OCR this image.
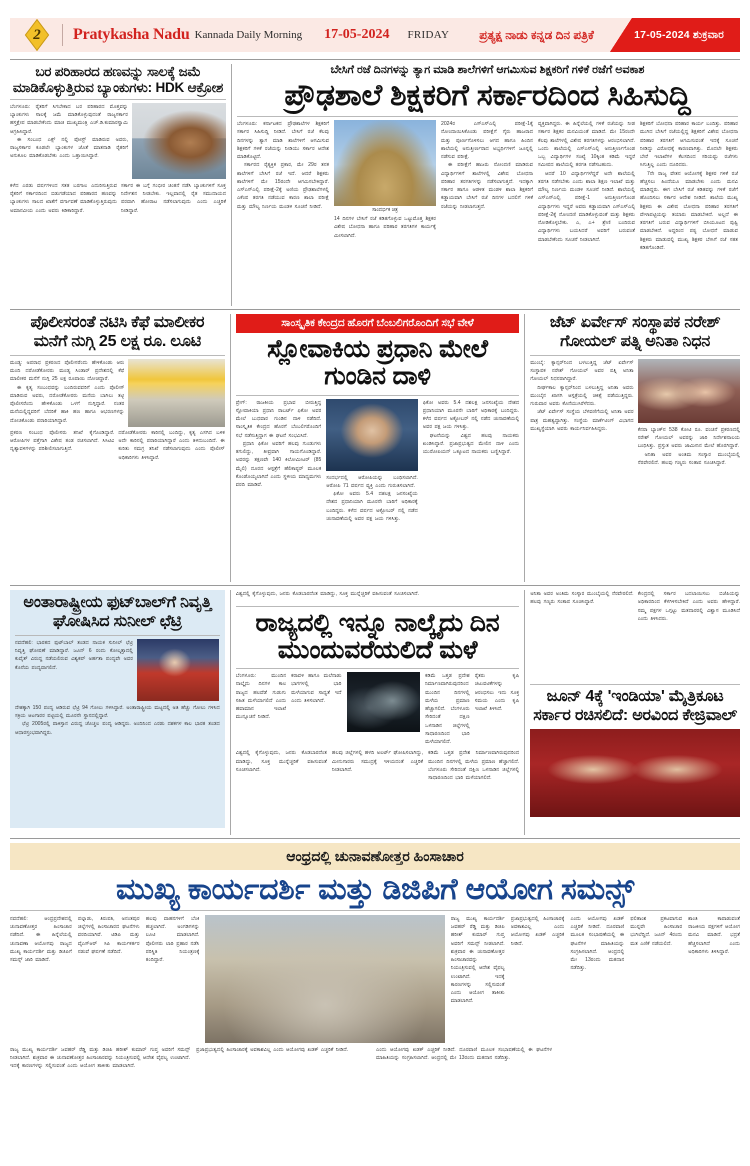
2 Pratykasha Nadu Kannada Daily Morning 17-05-2024 FRIDAY	ಪ್ರತ್ಯಕ್ಷ ನಾಡು ಕನ್ನಡ ದಿನ ಪತ್ರಿಕೆ	17-05-2024 ಶುಕ್ರವಾರ
ಬರ ಪರಿಹಾರದ ಹಣವನ್ನು ಸಾಲಕ್ಕೆ ಜಮೆ ಮಾಡಿಕೊಳ್ಳುತ್ತಿರುವ ಬ್ಯಾಂಕುಗಳು: HDK ಆಕ್ರೋಶ
ಬೆಂಗಳೂರು: ರೈತರಿಗೆ ಸಿಗಬೇಕಾದ ಬರ ಪರಿಹಾರದ ಮೊತ್ತವನ್ನು ಬ್ಯಾಂಕುಗಳು ಸಾಲಕ್ಕೆ ಜಮೆ ಮಾಡಿಕೊಳ್ಳುವುದಂತೆ ರಾಜ್ಯಸರ್ಕಾರ ಹಸ್ತಕ್ಷೇಪ ಮಾಡಬೇಕೆಂದು ಮಾಜಿ ಮುಖ್ಯಮಂತ್ರಿ ಎಚ್.ಡಿ.ಕುಮಾರಸ್ವಾಮಿ ಆಗ್ರಹಿಸಿದ್ದಾರೆ.
ಈ ಸಂಬಂಧ ಎಕ್ಸ್ ನಲ್ಲಿ ಪೋಸ್ಟ್ ಮಾಡಿರುವ ಅವರು, ರಾಜ್ಯಸರ್ಕಾರ ಕೂಡಲೇ ಬ್ಯಾಂಕುಗಳ ಜೊತೆ ಮಾತನಾಡಿ ರೈತರಿಗೆ ಅನುಕೂಲ ಮಾಡಿಕೊಡಬೇಕು ಎಂದು ಒತ್ತಾಯಿಸಿದ್ದಾರೆ.
ಕಳೆದ ಎರಡು ವರ್ಷಗಳಿಂದ ಸತತ ಬರಗಾಲ ಎದುರಿಸುತ್ತಿರುವ ರೈತರಿಗೆ ಸರ್ಕಾರದಿಂದ ಬಿಡುಗಡೆಯಾದ ಪರಿಹಾರದ ಹಣವನ್ನು ಬ್ಯಾಂಕುಗಳು ಸಾಲದ ಖಾತೆಗೆ ವರ್ಗಾವಣೆ ಮಾಡಿಕೊಳ್ಳುತ್ತಿರುವುದು ಅಮಾನವೀಯ ಎಂದು ಅವರು ಕಿಡಿಕಾರಿದ್ದಾರೆ.
ಸರ್ಕಾರ ಈ ಬಗ್ಗೆ ಗಂಭೀರ ಚಿಂತನೆ ನಡೆಸಿ ಬ್ಯಾಂಕುಗಳಿಗೆ ಸೂಕ್ತ ನಿರ್ದೇಶನ ನೀಡಬೇಕು. ಇಲ್ಲವಾದಲ್ಲಿ ರೈತ ಸಮುದಾಯದ ಪರವಾಗಿ ಹೋರಾಟ ನಡೆಸಲಾಗುವುದು ಎಂದು ಎಚ್ಚರಿಕೆ ನೀಡಿದ್ದಾರೆ.
ಬೇಸಿಗೆ ರಜೆ ದಿನಗಳನ್ನು ತ್ಯಾಗ ಮಾಡಿ ಶಾಲೆಗಳಿಗೆ ಆಗಮಿಸುವ ಶಿಕ್ಷಕರಿಗೆ ಗಳಿಕೆ ರಜೆಗೆ ಅವಕಾಶ
ಪ್ರೌಢಶಾಲೆ ಶಿಕ್ಷಕರಿಗೆ ಸರ್ಕಾರದಿಂದ ಸಿಹಿಸುದ್ದಿ
ಬೆಂಗಳೂರು: ಕರ್ನಾಟಕದ ಪ್ರೌಢಶಾಲೆಗಳ ಶಿಕ್ಷಕರಿಗೆ ಸರ್ಕಾರ ಸಿಹಿಸುದ್ದಿ ನೀಡಿದೆ. ಬೇಸಿಗೆ ರಜೆ ಕೆಲವು ದಿನಗಳನ್ನು ತ್ಯಾಗ ಮಾಡಿ ಶಾಲೆಗಳಿಗೆ ಆಗಮಿಸುವ ಶಿಕ್ಷಕರಿಗೆ ಗಳಿಕೆ ರಜೆಯನ್ನು ನೀಡಿಯು ಸರ್ಕಾರ ಆದೇಶ ಮಾಡಿಕೊಟ್ಟಿದೆ.
ಸರ್ಕಾರದ ರೈತ್ಯಕ್ತಿಕ ಪ್ರಕಾರ, ಮೇ 29ರ ತನಕ ಶಾಲೆಗಳಿಗೆ ಬೇಸಿಗೆ ರಜೆ ಇದೆ. ಆದರೆ ಶಿಕ್ಷಕರು ಶಾಲೆಗಳಿಗೆ ಮೇ 15ರಂದೇ ಆಗಮಿಸಬೇಕಿದ್ದಾರೆ. ಎಸ್ಎಸ್ಎಲ್ಸಿ ಪರೀಕ್ಷೆ-2ಕ್ಕೆ ಅಣಿಯ ಪ್ರೌಢಶಾಲೆಗಳಲ್ಲಿ ಎಕೆಂಪ ತರಗತಿ ನಡೆಯುವ ಕಾರಣ ಶಾಲಾ ಪರೀಕ್ಷೆ ಮತ್ತು ಮೌಲ್ಯ ನಿರ್ಣಯ ಮಂಡಳಿ ಸೂಚನೆ ನೀಡಿದೆ.
ಸಾಂದರ್ಭಿಕ ಚಿತ್ರ
14 ದಿನಗಳ ಬೇಸಿಗೆ ರಜೆ ಕಡಿತಗೊಳ್ಳುವ ಒಟ್ಟುಮೊತ್ತ ಶಿಕ್ಷಕರ ವಿಶೇಷ ಬೋಧನಾ ಹಾಗೂ ಪರಿಹಾರ ತರಗತಿಗಳ ಕಾರ್ಯಕ್ಕೆ ಮೀಸಲಾಗಿದೆ.
2024ರ ಎಸ್ಎಸ್ಎಲ್ಸಿ ಪರೀಕ್ಷೆ-1ಕ್ಕೆ ನೋಂದಾಯಿಸಿಕೊಂಡು ಪರೀಕ್ಷೆಗೆ ಗೈರು ಹಾಜರಾದ ಮತ್ತು ಪೂರ್ಣಗೊಳಿಸಲು ಆಗದ ಹಾಗೂ ಹಿಂದಿನ ಶಾಲೆಯಲ್ಲಿ ಅನುತ್ತೀರ್ಣರಾದ ಅಭ್ಯರ್ಥಿಗಳಿಗೆ ಜೂನ್ನಲ್ಲಿ ನಡೆಸುವ ಪರೀಕ್ಷೆ.
ಈ ಪರೀಕ್ಷೆಗೆ ಹಾಜರು ನೋಂದಣಿ ಮಾಡಿರುವ ವಿದ್ಯಾರ್ಥಿಗಳಿಗೆ ಶಾಲೆಗಳಲ್ಲಿ ವಿಶೇಷ ಬೋಧನಾ ಪರಿಹಾರ ತರಗತಿಗಳನ್ನು ನಡೆಸಲಾಗುತ್ತದೆ. ಇದಕ್ಕಾಗಿ ಸರ್ಕಾರ ಹಾಗೂ ಆಡಳಿತ ಮಂಡಳಿ ಶಾಲಾ ಶಿಕ್ಷಕರಿಗೆ ಕಡ್ಡಾಯವಾಗಿ ಬೇಸಿಗೆ ರಜೆ ದಿನಗಳ ಬದಲಿಗೆ ಗಳಿಕೆ ರಜೆಯನ್ನು ನೀಡಲಾಗುತ್ತದೆ.
ವ್ಯಕ್ತವಾಗಿದ್ದರು. ಈ ಹಿನ್ನೆಲೆಯಲ್ಲಿ ಗಳಿಕೆ ರಜೆಯನ್ನು ನೀಡ ಸರ್ಕಾರ ಶಿಕ್ಷಕರ ಮನವಿಯಂತೆ ಮಾಡಿದೆ. ಮೇ 15ರಂದೇ ಕೆಲವು ಶಾಲೆಗಳಲ್ಲಿ ವಿಶೇಷ ತರಗತಿಗಳನ್ನು ಆರಂಭಿಸಲಾಗಿದೆ. ಒಂದು ಶಾಲೆಯಲ್ಲಿ ಎಸ್ಎಸ್ಎಲ್ಸಿ ಅನುತ್ತೀರ್ಣಗೊಂಡ ಒಬ್ಬ ವಿದ್ಯಾರ್ಥಿಗಳ ಸಂಖ್ಯೆ 10ಕ್ಕಿಂತ ಕಡಿಮೆ ಇದ್ದರೆ ಸಮೀಪದ ಶಾಲೆಯಲ್ಲಿ ತರಗತಿ ನಡೆಸಬಹುದು.
ಆದರೆ 10 ವಿದ್ಯಾರ್ಥಿಗಳೆದ್ದರೆ ಅದೇ ಶಾಲೆಯಲ್ಲಿ ತರಗತಿ ನಡೆಸಬೇಕು ಎಂದು ಶಾಲಾ ಶಿಕ್ಷಣ ಇಲಾಖೆ ಮತ್ತು ಮೌಲ್ಯ ನಿರ್ಣಯ ಮಂಡಳಿ ಸೂಚನೆ ನೀಡಿದೆ. ಶಾಲೆಯಲ್ಲಿ ಎಸ್ಎಸ್ಎಲ್ಸಿ ಪರೀಕ್ಷೆ-1 ಅನುತ್ತೀರ್ಣಗೊಂಡ ವಿದ್ಯಾರ್ಥಿಗಳು ಇದ್ದರೆ ಅವರು ಕಡ್ಡಾಯವಾಗಿ ಎಸ್ಎಸ್ಎಲ್ಸಿ ಪರೀಕ್ಷೆ-2ಕ್ಕೆ ನೋಂದಣಿ ಮಾಡಿಕೊಳ್ಳುವಂತೆ ಮತ್ತು ಶಿಕ್ಷಕರು ನೋಡಿಕೊಳ್ಳಬೇಕು. ಎ, ಎ+ ಶ್ರೇಣಿ ಬಂದಿರುವ ವಿದ್ಯಾರ್ಥಿಗಳು ಬಯಸಿದರೆ ಅವರಿಗೆ ಬರುವಂತೆ ಮಾಡಬೇಕೆಂದು ಸೂಚನೆ ನೀಡಲಾಗಿದೆ.
ಶಿಕ್ಷಕರಿಗೆ ಬೋಧನಾ ಪರಿಹಾರ ಕಾರ್ಯ ಬಂದಿತ್ತು. ಪರಿಹಾರ ಮುಗಿದ ಬೇಸಿಗೆ ರಜೆಯಲ್ಲಿದ್ದ ಶಿಕ್ಷಕರಿಗೆ ವಿಶೇಷ ಬೋಧನಾ ಪರಿಹಾರ ತರಗತಿಗೆ ಆಗಮಿಸುವಂತೆ ಇದಕ್ಕೆ ಸೂಚನೆ ನೀಡಿದ್ದು ವಿರೋಧಕ್ಕೆ ಕಾರಣವಾಗಿತ್ತು. ಮೊದಲೇ ಶಿಕ್ಷಕರು ಬೇರೆ ಇಲಾಖೆಗಳ ಕೆಲಸದಿಂದ ಸರಿಯಷ್ಟು ರಜೆಗಳು ಸಿಗುತ್ತಿಲ್ಲ ಎಂದು ದೂರಿದರು.
7ನೇ ರಾಜ್ಯ ವೇತನ ಆಯೋಗಕ್ಕೆ ಶಿಕ್ಷಕರ ಗಳಿಕೆ ರಜೆ ಹೆಚ್ಚಿಸಲು ಹಿಂದೆಯೂ ಮಾಡಬೇಕು ಎಂದು ಮನವಿ ಮಾಡಿದ್ದರು. ಈಗ ಬೇಸಿಗೆ ರಜೆ ಕಡಿತವನ್ನು ಗಳಿಕೆ ರಜೆಗೆ ಹೊಂದಿಸಲು ಸರ್ಕಾರ ಆದೇಶ ನೀಡಿದೆ. ಶಾಲೆಯ ಮುಖ್ಯ ಶಿಕ್ಷಕರು ಈ ವಿಶೇಷ ಬೋಧನಾ ಪರಿಹಾರ ತರಗತಿಗೆ ವೇಳಾಪಟ್ಟಿಯನ್ನು ತಯಾರು ಮಾಡಬೇಕಿದೆ. ಅಲ್ಲದೆ ಈ ತರಗತಿಗೆ ಬರುವ ವಿದ್ಯಾರ್ಥಿಗಳಿಗೆ ಬಿಸಿಯೂಟದ ಪುಷ್ಟಿ ಮಾಡಬೇಕಿದೆ. ಅದ್ದರಿಂದ ಪಠ್ಯ ಬೋಧನೆ ಮಾಡುವ ಶಿಕ್ಷಕರು ಮಾಡುವಲ್ಲಿ ಮುಖ್ಯ ಶಿಕ್ಷಕರ ಬೇಸಿಗೆ ರಜೆ ಸತತ ಕಡಿತಗೊಂಡಿದೆ.
ಪೊಲೀಸರಂತೆ ನಟಿಸಿ ಕೆಫೆ ಮಾಲೀಕರ ಮನೆಗೆ ನುಗ್ಗಿ 25 ಲಕ್ಷ ರೂ. ಲೂಟಿ
ಮಂಡ್ಯ: ಅಪರಾಧ ಪ್ರಕರಣದ ಪೊಲೀಸರೆಂದು ಹೇಳಿಕೊಂಡು ಆರು ಮಂದಿ ದರೋಡೆಕೋರರು ಮಂಡ್ಯ ಸಿಂಡಾರ್ ಪ್ರದೇಶದಲ್ಲಿ ಕೆಫೆ ಮಾಲೀಕರ ಮನೆಗೆ ನುಗ್ಗಿ 25 ಲಕ್ಷ ರೂಪಾಯಿ ದೋಚಿದ್ದಾರೆ.
ಈ ಕೃತ್ಯ ಸಂಬಂಧವನ್ನು ಬಂದಿರುವವರಿಗೆ ಎಂದು ಪೊಲೀಸ್ ಮಾಡಿರುವ ಅವರು, ದರೋಡೆಕೋರರು ಮನೆಯ ಬಾಗಿಲು ತಟ್ಟಿ ಪೊಲೀಸರೆಂದು ಹೇಳಿಕೊಂಡು ಒಳಗೆ ನುಗ್ಗಿದ್ದಾರೆ. ನಂತರ ಮನೆಯಲ್ಲಿದ್ದವರಿಗೆ ಬೆದರಿಕೆ ಹಾಕಿ ಹಣ ಹಾಗೂ ಆಭರಣಗಳನ್ನು ದೋಚಿಕೊಂಡು ಪರಾರಿಯಾಗಿದ್ದಾರೆ.
ಪ್ರಕರಣ ಸಂಬಂಧ ಪೊಲೀಸರು ತನಿಖೆ ಕೈಗೊಂಡಿದ್ದಾರೆ. ಆರೋಪಿಗಳ ಪತ್ತೆಗಾಗಿ ವಿಶೇಷ ತಂಡ ರಚಿಸಲಾಗಿದೆ. ಸಿಸಿಟಿವಿ ದೃಶ್ಯಾವಳಿಗಳನ್ನು ಪರಿಶೀಲಿಸಲಾಗುತ್ತಿದೆ.
ದರೋಡೆಕೋರರು ಕಾರಿನಲ್ಲಿ ಬಂದಿದ್ದು, ಕೃತ್ಯ ಎಸಗಿದ ಬಳಿಕ ಅದೇ ಕಾರಿನಲ್ಲಿ ಪರಾರಿಯಾಗಿದ್ದಾರೆ ಎಂದು ತಿಳಿದುಬಂದಿದೆ. ಈ ಕುರಿತು ಸಮಗ್ರ ತನಿಖೆ ನಡೆಸಲಾಗುವುದು ಎಂದು ಪೊಲೀಸ್ ಅಧಿಕಾರಿಗಳು ತಿಳಿಸಿದ್ದಾರೆ.
ಸಾಂಸ್ಕೃತಿಕ ಕೇಂದ್ರದ ಹೊರಗೆ ಬೆಂಬಲಿಗರೊಂದಿಗೆ ಸಭೆ ವೇಳೆ
ಸ್ಲೋವಾಕಿಯ ಪ್ರಧಾನಿ ಮೇಲೆ ಗುಂಡಿನ ದಾಳಿ
ಪ್ರೇಗ್: ರಾಜಕೀಯ ಪ್ರಭಾವ ಬೀರುತ್ತಿದ್ದ ಸ್ಲೋವಾಕಿಯಾ ಪ್ರಧಾನಿ ರಾಬರ್ಟ್ ಫಿಕೋ ಅವರ ಮೇಲೆ ಬುಧವಾರ ಗುಂಡಿನ ದಾಳಿ ನಡೆದಿದೆ. ಸಾಂಸ್ಕೃತಿಕ ಕೇಂದ್ರದ ಹೊರಗೆ ಬೆಂಬಲಿಗರೊಂದಿಗೆ ಸಭೆ ನಡೆಸುತ್ತಿದ್ದಾಗ ಈ ಘಟನೆ ಸಂಭವಿಸಿದೆ.
ಪ್ರಧಾನಿ ಫಿಕೋ ಅವರಿಗೆ ಹಲವು ಗುಂಡುಗಳು ತಗುಲಿದ್ದು, ತೀವ್ರವಾಗಿ ಗಾಯಗೊಂಡಿದ್ದಾರೆ. ಅವರನ್ನು ತಕ್ಷಣವೇ 140 ಕಿಲೋಮೀಟರ್ (85 ಮೈಲಿ) ದೂರದ ಆಸ್ಪತ್ರೆಗೆ ಹೆಲಿಕಾಪ್ಟರ್ ಮೂಲಕ ಕೊಂಡೊಯ್ಯಲಾಗಿದೆ ಎಂದು ಸ್ಥಳೀಯ ಮಾಧ್ಯಮಗಳು ವರದಿ ಮಾಡಿವೆ.
ಸಂದರ್ಭದಲ್ಲಿ ಆರೋಪಿಯನ್ನು ಬಂಧಿಸಲಾಗಿದೆ. ಆರೋಪಿ 71 ವರ್ಷದ ವ್ಯಕ್ತಿ ಎಂದು ಗುರುತಿಸಲಾಗಿದೆ.
ಫಿಕೋ ಅವರು 5.4 ದಶಲಕ್ಷ ಜನಸಂಖ್ಯೆಯ ದೇಶದ ಪ್ರಧಾನಿಯಾಗಿ ಮೂರನೇ ಬಾರಿಗೆ ಅಧಿಕಾರಕ್ಕೆ ಬಂದಿದ್ದರು. ಕಳೆದ ವರ್ಷದ ಅಕ್ಟೋಬರ್ ನಲ್ಲಿ ನಡೆದ ಚುನಾವಣೆಯಲ್ಲಿ ಅವರ ಪಕ್ಷ ಜಯ ಗಳಿಸಿತ್ತು.
ಫಿಕೋ ಅವರು 5.4 ದಶಲಕ್ಷ ಜನಸಂಖ್ಯೆಯ ದೇಶದ ಪ್ರಧಾನಿಯಾಗಿ ಮೂರನೇ ಬಾರಿಗೆ ಅಧಿಕಾರಕ್ಕೆ ಬಂದಿದ್ದರು. ಕಳೆದ ವರ್ಷದ ಅಕ್ಟೋಬರ್ ನಲ್ಲಿ ನಡೆದ ಚುನಾವಣೆಯಲ್ಲಿ ಅವರ ಪಕ್ಷ ಜಯ ಗಳಿಸಿತ್ತು.
ಘಟನೆಯನ್ನು ವಿಶ್ವದ ಹಲವು ನಾಯಕರು ಖಂಡಿಸಿದ್ದಾರೆ. ಪ್ರಜಾಪ್ರಭುತ್ವದ ಮೇಲಿನ ದಾಳಿ ಎಂದು ಯುರೋಪಿಯನ್ ಒಕ್ಕೂಟದ ನಾಯಕರು ಬಣ್ಣಿಸಿದ್ದಾರೆ.
ಜೆಟ್ ಏರ್ವೇಸ್ ಸಂಸ್ಥಾಪಕ ನರೇಶ್
ಗೋಯಲ್ ಪತ್ನಿ ಅನಿತಾ ನಿಧನ
ಮುಂಬೈ: ಕ್ಯಾನ್ಸರ್‌ನಿಂದ ಬಳಲುತ್ತಿದ್ದ ಜೆಟ್ ಏರ್ವೇಸ್ ಸಂಸ್ಥಾಪಕ ನರೇಶ್ ಗೋಯಲ್ ಅವರ ಪತ್ನಿ ಅನಿತಾ ಗೋಯಲ್ ನಿಧನರಾಗಿದ್ದಾರೆ.
ದೀರ್ಘಕಾಲ ಕ್ಯಾನ್ಸರ್‌ನಿಂದ ಬಳಲುತ್ತಿದ್ದ ಅನಿತಾ ಅವರು ಮುಂಬೈನ ಖಾಸಗಿ ಆಸ್ಪತ್ರೆಯಲ್ಲಿ ಚಿಕಿತ್ಸೆ ಪಡೆಯುತ್ತಿದ್ದರು. ಗುರುವಾರ ಅವರು ಕೊನೆಯುಸಿರೆಳೆದರು.
ಜೆಟ್ ಏರ್ವೇಸ್ ಸಂಸ್ಥೆಯ ಬೆಳವಣಿಗೆಯಲ್ಲಿ ಅನಿತಾ ಅವರ ಪಾತ್ರ ಮಹತ್ವದ್ದಾಗಿತ್ತು. ಸಂಸ್ಥೆಯ ಮಾರ್ಕೆಟಿಂಗ್ ವಿಭಾಗದ ಮುಖ್ಯಸ್ಥೆಯಾಗಿ ಅವರು ಕಾರ್ಯನಿರ್ವಹಿಸಿದ್ದರು.	ಕೆನರಾ ಬ್ಯಾಂಕ್‌ನ 538 ಕೋಟಿ ರೂ. ವಂಚನೆ ಪ್ರಕರಣದಲ್ಲಿ ನರೇಶ್ ಗೋಯಲ್ ಅವರನ್ನು ಜಾರಿ ನಿರ್ದೇಶನಾಲಯ ಬಂಧಿಸಿತ್ತು. ಪ್ರಸ್ತುತ ಅವರು ಜಾಮೀನಿನ ಮೇಲೆ ಹೊರಗಿದ್ದಾರೆ.
ಅನಿತಾ ಅವರ ಅಂತಿಮ ಸಂಸ್ಕಾರ ಮುಂಬೈಯಲ್ಲಿ ನೆರವೇರಲಿದೆ. ಹಲವು ಗಣ್ಯರು ಸಂತಾಪ ಸೂಚಿಸಿದ್ದಾರೆ.
ಅಂತಾರಾಷ್ಟ್ರೀಯ ಫುಟ್‌ಬಾಲ್‌ಗೆ ನಿವೃತ್ತಿ ಘೋಷಿಸಿದ ಸುನೀಲ್ ಛೆಟ್ರಿ
ನವದೆಹಲಿ: ಭಾರತದ ಫುಟ್‌ಬಾಲ್ ತಂಡದ ನಾಯಕ ಸುನೀಲ್ ಛೆಟ್ರಿ ನಿವೃತ್ತಿ ಘೋಷಣೆ ಮಾಡಿದ್ದಾರೆ. ಜೂನ್ 6 ರಂದು ಕೋಲ್ಕತ್ತಾದಲ್ಲಿ ಕುವೈತ್ ವಿರುದ್ಧ ನಡೆಯಲಿರುವ ವಿಶ್ವಕಪ್ ಅರ್ಹತಾ ಪಂದ್ಯವೇ ಅವರ ಕೊನೆಯ ಪಂದ್ಯವಾಗಲಿದೆ.
ದೇಶಕ್ಕಾಗಿ 150 ಪಂದ್ಯ ಆಡಿರುವ ಛೆಟ್ರಿ 94 ಗೋಲು ಗಳಿಸಿದ್ದಾರೆ. ಅಂತಾರಾಷ್ಟ್ರೀಯ ಮಟ್ಟದಲ್ಲಿ ಅತಿ ಹೆಚ್ಚು ಗೋಲು ಗಳಿಸಿದ ಸಕ್ರಿಯ ಆಟಗಾರರ ಪಟ್ಟಿಯಲ್ಲಿ ಮೂರನೇ ಸ್ಥಾನದಲ್ಲಿದ್ದಾರೆ.
ಛೆಟ್ರಿ 2005ರಲ್ಲಿ ಪಾಕಿಸ್ತಾನ ವಿರುದ್ಧ ಚೊಚ್ಚಲ ಪಂದ್ಯ ಆಡಿದ್ದರು. ಅಂದಿನಿಂದ ಎರಡು ದಶಕಗಳ ಕಾಲ ಭಾರತ ತಂಡದ ಆಧಾರಸ್ತಂಭವಾಗಿದ್ದರು.
ವಿಶ್ವದಲ್ಲಿ ಕೈಗೊಳ್ಳುವುದು, ಜನರು ಕೊಡಬಾರದೆಂತ ಮಾಡಿದ್ದು, ಸೂಕ್ತ ಮುನ್ನೆಚ್ಚರಿಕೆ ವಹಿಸುವಂತೆ ಸೂಚಿಸಲಾಗಿದೆ.
ರಾಜ್ಯದಲ್ಲಿ ಇನ್ನೂ ನಾಲ್ಕೈದು ದಿನ ಮುಂದುವರೆಯಲಿದೆ ಮಳೆ
ಬೆಂಗಳೂರು: ಮುಂದಿನ ನಾಲ್ಕೈದು ದಿನಗಳ ಕಾಲ ರಾಜ್ಯದ ಹಲವೆಡೆ ಗುಡುಗು ಸಹಿತ ಮಳೆಯಾಗಲಿದೆ ಎಂದು ಹವಾಮಾನ ಇಲಾಖೆ ಮುನ್ಸೂಚನೆ ನೀಡಿದೆ.
ಕರಾವಳಿ ಹಾಗೂ ಮಲೆನಾಡು ಭಾಗಗಳಲ್ಲಿ ಭಾರಿ ಮಳೆಯಾಗುವ ಸಾಧ್ಯತೆ ಇದೆ ಎಂದು ತಿಳಿಸಲಾಗಿದೆ.
ಕಡಿಮೆ ಒತ್ತಡ ಪ್ರದೇಶ ನಿರ್ಮಾಣವಾಗಿರುವುದರಿಂದ ಮುಂದಿನ ದಿನಗಳಲ್ಲಿ ಮಳೆಯ ಪ್ರಮಾಣ ಹೆಚ್ಚಾಗಲಿದೆ. ಬೆಂಗಳೂರು ಸೇರಿದಂತೆ ದಕ್ಷಿಣ ಒಳನಾಡಿನ ಜಿಲ್ಲೆಗಳಲ್ಲಿ ಸಾಧಾರಣದಿಂದ ಭಾರಿ ಮಳೆಯಾಗಲಿದೆ.
ರೈತರು ಕೃಷಿ ಚಟುವಟಿಕೆಗಳನ್ನು ಆರಂಭಿಸಲು ಇದು ಸೂಕ್ತ ಸಮಯ ಎಂದು ಕೃಷಿ ಇಲಾಖೆ ತಿಳಿಸಿದೆ.
ವಿಶ್ವದಲ್ಲಿ ಕೈಗೊಳ್ಳುವುದು, ಜನರು ಕೊಡಬಾರದೆಂತ ಮಾಡಿದ್ದು, ಸೂಕ್ತ ಮುನ್ನೆಚ್ಚರಿಕೆ ವಹಿಸುವಂತೆ ಸೂಚಿಸಲಾಗಿದೆ.
ಹಲವು ಜಿಲ್ಲೆಗಳಲ್ಲಿ ಹಳದಿ ಅಲರ್ಟ್ ಘೋಷಿಸಲಾಗಿದ್ದು, ಮೀನುಗಾರರು ಸಮುದ್ರಕ್ಕೆ ಇಳಿಯದಂತೆ ಎಚ್ಚರಿಕೆ ನೀಡಲಾಗಿದೆ.
ಕಡಿಮೆ ಒತ್ತಡ ಪ್ರದೇಶ ನಿರ್ಮಾಣವಾಗಿರುವುದರಿಂದ ಮುಂದಿನ ದಿನಗಳಲ್ಲಿ ಮಳೆಯ ಪ್ರಮಾಣ ಹೆಚ್ಚಾಗಲಿದೆ. ಬೆಂಗಳೂರು ಸೇರಿದಂತೆ ದಕ್ಷಿಣ ಒಳನಾಡಿನ ಜಿಲ್ಲೆಗಳಲ್ಲಿ ಸಾಧಾರಣದಿಂದ ಭಾರಿ ಮಳೆಯಾಗಲಿದೆ.
ಅನಿತಾ ಅವರ ಅಂತಿಮ ಸಂಸ್ಕಾರ ಮುಂಬೈಯಲ್ಲಿ ನೆರವೇರಲಿದೆ. ಹಲವು ಗಣ್ಯರು ಸಂತಾಪ ಸೂಚಿಸಿದ್ದಾರೆ.
ಕೇಂದ್ರದಲ್ಲಿ ಸರ್ಕಾರ ಬದಲಾಯಿಸಲು ಬಿಜೆಪಿಯನ್ನು ಅಧಿಕಾರದಿಂದ ಕೆಳಗಿಳಿಸಬೇಕಿದೆ ಎಂದು ಅವರು ಹೇಳಿದ್ದಾರೆ. ನಮ್ಮ ಪಕ್ಷಗಳ ಒಗ್ಗಟ್ಟು ಮತದಾರರಲ್ಲಿ ವಿಶ್ವಾಸ ಮೂಡಿಸಿದೆ ಎಂದು ತಿಳಿಸಿದರು.
ಜೂನ್ 4ಕ್ಕೆ 'ಇಂಡಿಯಾ' ಮೈತ್ರಿಕೂಟ
ಸರ್ಕಾರ ರಚಿಸಲಿದೆ: ಅರವಿಂದ ಕೇಜ್ರಿವಾಲ್
ಆಂಧ್ರದಲ್ಲಿ ಚುನಾವಣೋತ್ತರ ಹಿಂಸಾಚಾರ
ಮುಖ್ಯ ಕಾರ್ಯದರ್ಶಿ ಮತ್ತು ಡಿಜಿಪಿಗೆ ಆಯೋಗ ಸಮನ್ಸ್
ನವದೆಹಲಿ: ಆಂಧ್ರಪ್ರದೇಶದಲ್ಲಿ ಚುನಾವಣೋತ್ತರ ಹಿಂಸಾಚಾರ ನಡೆದಿದೆ. ಈ ಹಿನ್ನೆಲೆಯಲ್ಲಿ ಚುನಾವಣಾ ಆಯೋಗವು ರಾಜ್ಯದ ಮುಖ್ಯ ಕಾರ್ಯದರ್ಶಿ ಮತ್ತು ಡಿಜಿಪಿಗೆ ಸಮನ್ಸ್ ಜಾರಿ ಮಾಡಿದೆ.
ಪಲ್ನಾಡು, ತಿರುಪತಿ, ಅನಂತಪುರ ಜಿಲ್ಲೆಗಳಲ್ಲಿ ಹಿಂಸಾಚಾರದ ಘಟನೆಗಳು ವರದಿಯಾಗಿವೆ. ಟಿಡಿಪಿ ಮತ್ತು ವೈಎಸ್ಆರ್ ಸಿಪಿ ಕಾರ್ಯಕರ್ತರ ನಡುವೆ ಘರ್ಷಣೆ ನಡೆದಿದೆ.
ಹಲವು ವಾಹನಗಳಿಗೆ ಬೆಂಕಿ ಹಚ್ಚಲಾಗಿದೆ. ಅಂಗಡಿಗಳನ್ನು ಲೂಟಿ ಮಾಡಲಾಗಿದೆ. ಪೊಲೀಸರು ಲಾಠಿ ಪ್ರಹಾರ ನಡೆಸಿ ಪರಿಸ್ಥಿತಿ ನಿಯಂತ್ರಣಕ್ಕೆ ತಂದಿದ್ದಾರೆ.
ರಾಜ್ಯ ಮುಖ್ಯ ಕಾರ್ಯದರ್ಶಿ ಜವಹರ್ ರೆಡ್ಡಿ ಮತ್ತು ಡಿಜಿಪಿ ಹರೀಶ್ ಕುಮಾರ್ ಗುಪ್ತ ಅವರಿಗೆ ಸಮನ್ಸ್ ನೀಡಲಾಗಿದೆ. ಶುಕ್ರವಾರ ಈ ಚುನಾವಣೋತ್ತರ ಹಿಂಸಾಚಾರವನ್ನು ನಿಯಂತ್ರಿಸುವಲ್ಲಿ ಆದೇಶ ವೈಫಲ್ಯ ಉಂಟಾಗಿದೆ. ಇದಕ್ಕೆ ಕಾರಣಗಳನ್ನು ಸಲ್ಲಿಸುವಂತೆ ಎಂದು ಆಯೋಗ ತಾಕೀತು ಮಾಡಲಾಗಿದೆ.
ಪ್ರಜಾಪ್ರಭುತ್ವದಲ್ಲಿ ಹಿಂಸಾಚಾರಕ್ಕೆ ಅವಕಾಶವಿಲ್ಲ ಎಂದು ಆಯೋಗವು ಖಡಕ್ ಎಚ್ಚರಿಕೆ ನೀಡಿದೆ.
ಎಂದು ಆಯೋಗವು ಖಡಕ್ ಎಚ್ಚರಿಕೆ ನೀಡಿದೆ. ದೂರವಾಣಿ ಮೂಲಕ ಸಂಭಾಷಣೆಯಲ್ಲಿ ಈ ಘಟನೆಗಳ ಮಾಹಿತಿಯನ್ನು ಸಂಗ್ರಹಿಸಲಾಗಿದೆ. ಆಂಧ್ರದಲ್ಲಿ ಮೇ 13ರಂದು ಮತದಾನ ನಡೆದಿತ್ತು.
ಫಲಿತಾಂಶ ಪ್ರಕಟವಾಗುವ ಮುನ್ನವೇ ಹಿಂಸಾಚಾರ ಭುಗಿಲೆದ್ದಿದೆ. ಜೂನ್ 4ರಂದು ಮತ ಎಣಿಕೆ ನಡೆಯಲಿದೆ.
ಶಾಂತಿ ಕಾಪಾಡುವಂತೆ ರಾಜಕೀಯ ಪಕ್ಷಗಳಿಗೆ ಆಯೋಗ ಮನವಿ ಮಾಡಿದೆ. ಭದ್ರತೆ ಹೆಚ್ಚಿಸಲಾಗಿದೆ ಎಂದು ಅಧಿಕಾರಿಗಳು ತಿಳಿಸಿದ್ದಾರೆ.
ರಾಜ್ಯ ಮುಖ್ಯ ಕಾರ್ಯದರ್ಶಿ ಜವಹರ್ ರೆಡ್ಡಿ ಮತ್ತು ಡಿಜಿಪಿ ಹರೀಶ್ ಕುಮಾರ್ ಗುಪ್ತ ಅವರಿಗೆ ಸಮನ್ಸ್ ನೀಡಲಾಗಿದೆ. ಶುಕ್ರವಾರ ಈ ಚುನಾವಣೋತ್ತರ ಹಿಂಸಾಚಾರವನ್ನು ನಿಯಂತ್ರಿಸುವಲ್ಲಿ ಆದೇಶ ವೈಫಲ್ಯ ಉಂಟಾಗಿದೆ. ಇದಕ್ಕೆ ಕಾರಣಗಳನ್ನು ಸಲ್ಲಿಸುವಂತೆ ಎಂದು ಆಯೋಗ ತಾಕೀತು ಮಾಡಲಾಗಿದೆ.
ಪ್ರಜಾಪ್ರಭುತ್ವದಲ್ಲಿ ಹಿಂಸಾಚಾರಕ್ಕೆ ಅವಕಾಶವಿಲ್ಲ ಎಂದು ಆಯೋಗವು ಖಡಕ್ ಎಚ್ಚರಿಕೆ ನೀಡಿದೆ.	ಎಂದು ಆಯೋಗವು ಖಡಕ್ ಎಚ್ಚರಿಕೆ ನೀಡಿದೆ. ದೂರವಾಣಿ ಮೂಲಕ ಸಂಭಾಷಣೆಯಲ್ಲಿ ಈ ಘಟನೆಗಳ ಮಾಹಿತಿಯನ್ನು ಸಂಗ್ರಹಿಸಲಾಗಿದೆ. ಆಂಧ್ರದಲ್ಲಿ ಮೇ 13ರಂದು ಮತದಾನ ನಡೆದಿತ್ತು.
